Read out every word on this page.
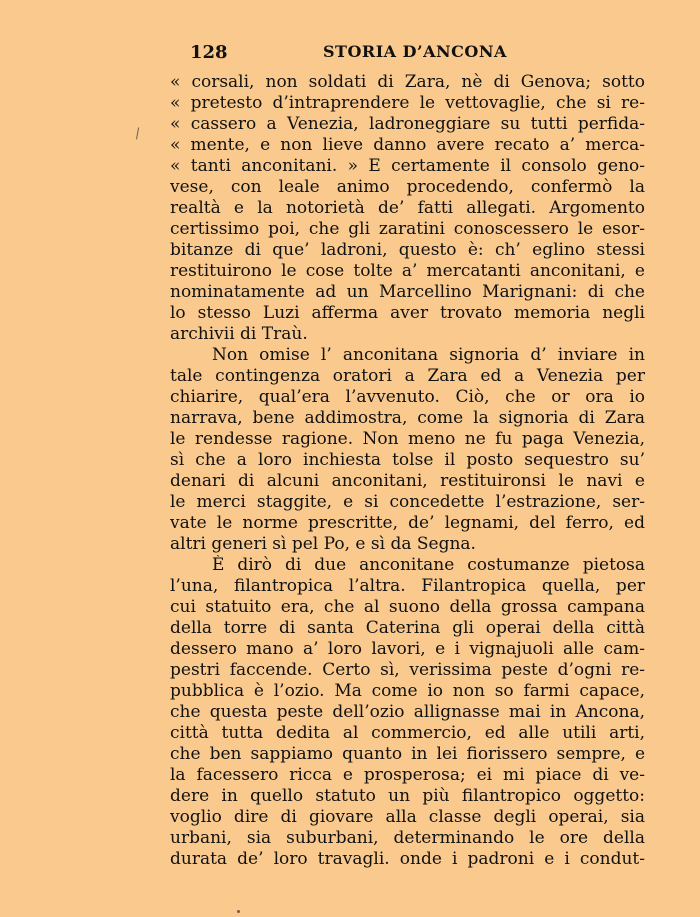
128	STORIA D’ANCONA
« corsali, non soldati di Zara, nè di Genova; sotto
« pretesto d’intraprendere le vettovaglie, che si re-
« cassero a Venezia, ladroneggiare su tutti perfida-
« mente, e non lieve danno avere recato a’ merca-
« tanti anconitani. » E certamente il consolo geno-
vese, con leale animo procedendo, confermò la
realtà e la notorietà de’ fatti allegati. Argomento
certissimo poi, che gli zaratini conoscessero le esor-
bitanze di que’ ladroni, questo è: ch’ eglino stessi
restituirono le cose tolte a’ mercatanti anconitani, e
nominatamente ad un Marcellino Marignani: di che
lo stesso Luzi afferma aver trovato memoria negli
archivii di Traù.
Non omise l’ anconitana signoria d’ inviare in
tale contingenza oratori a Zara ed a Venezia per
chiarire, qual’era l’avvenuto. Ciò, che or ora io
narrava, bene addimostra, come la signoria di Zara
le rendesse ragione. Non meno ne fu paga Venezia,
sì che a loro inchiesta tolse il posto sequestro su’
denari di alcuni anconitani, restituironsi le navi e
le merci staggite, e si concedette l’estrazione, ser-
vate le norme prescritte, de’ legnami, del ferro, ed
altri generi sì pel Po, e sì da Segna.
È dirò di due anconitane costumanze pietosa
l’una, filantropica l’altra. Filantropica quella, per
cui statuito era, che al suono della grossa campana
della torre di santa Caterina gli operai della città
dessero mano a’ loro lavori, e i vignajuoli alle cam-
pestri faccende. Certo sì, verissima peste d’ogni re-
pubblica è l’ozio. Ma come io non so farmi capace,
che questa peste dell’ozio allignasse mai in Ancona,
città tutta dedita al commercio, ed alle utili arti,
che ben sappiamo quanto in lei fiorissero sempre, e
la facessero ricca e prosperosa; ei mi piace di ve-
dere in quello statuto un più filantropico oggetto:
voglio dire di giovare alla classe degli operai, sia
urbani, sia suburbani, determinando le ore della
durata de’ loro travagli. onde i padroni e i condut-
